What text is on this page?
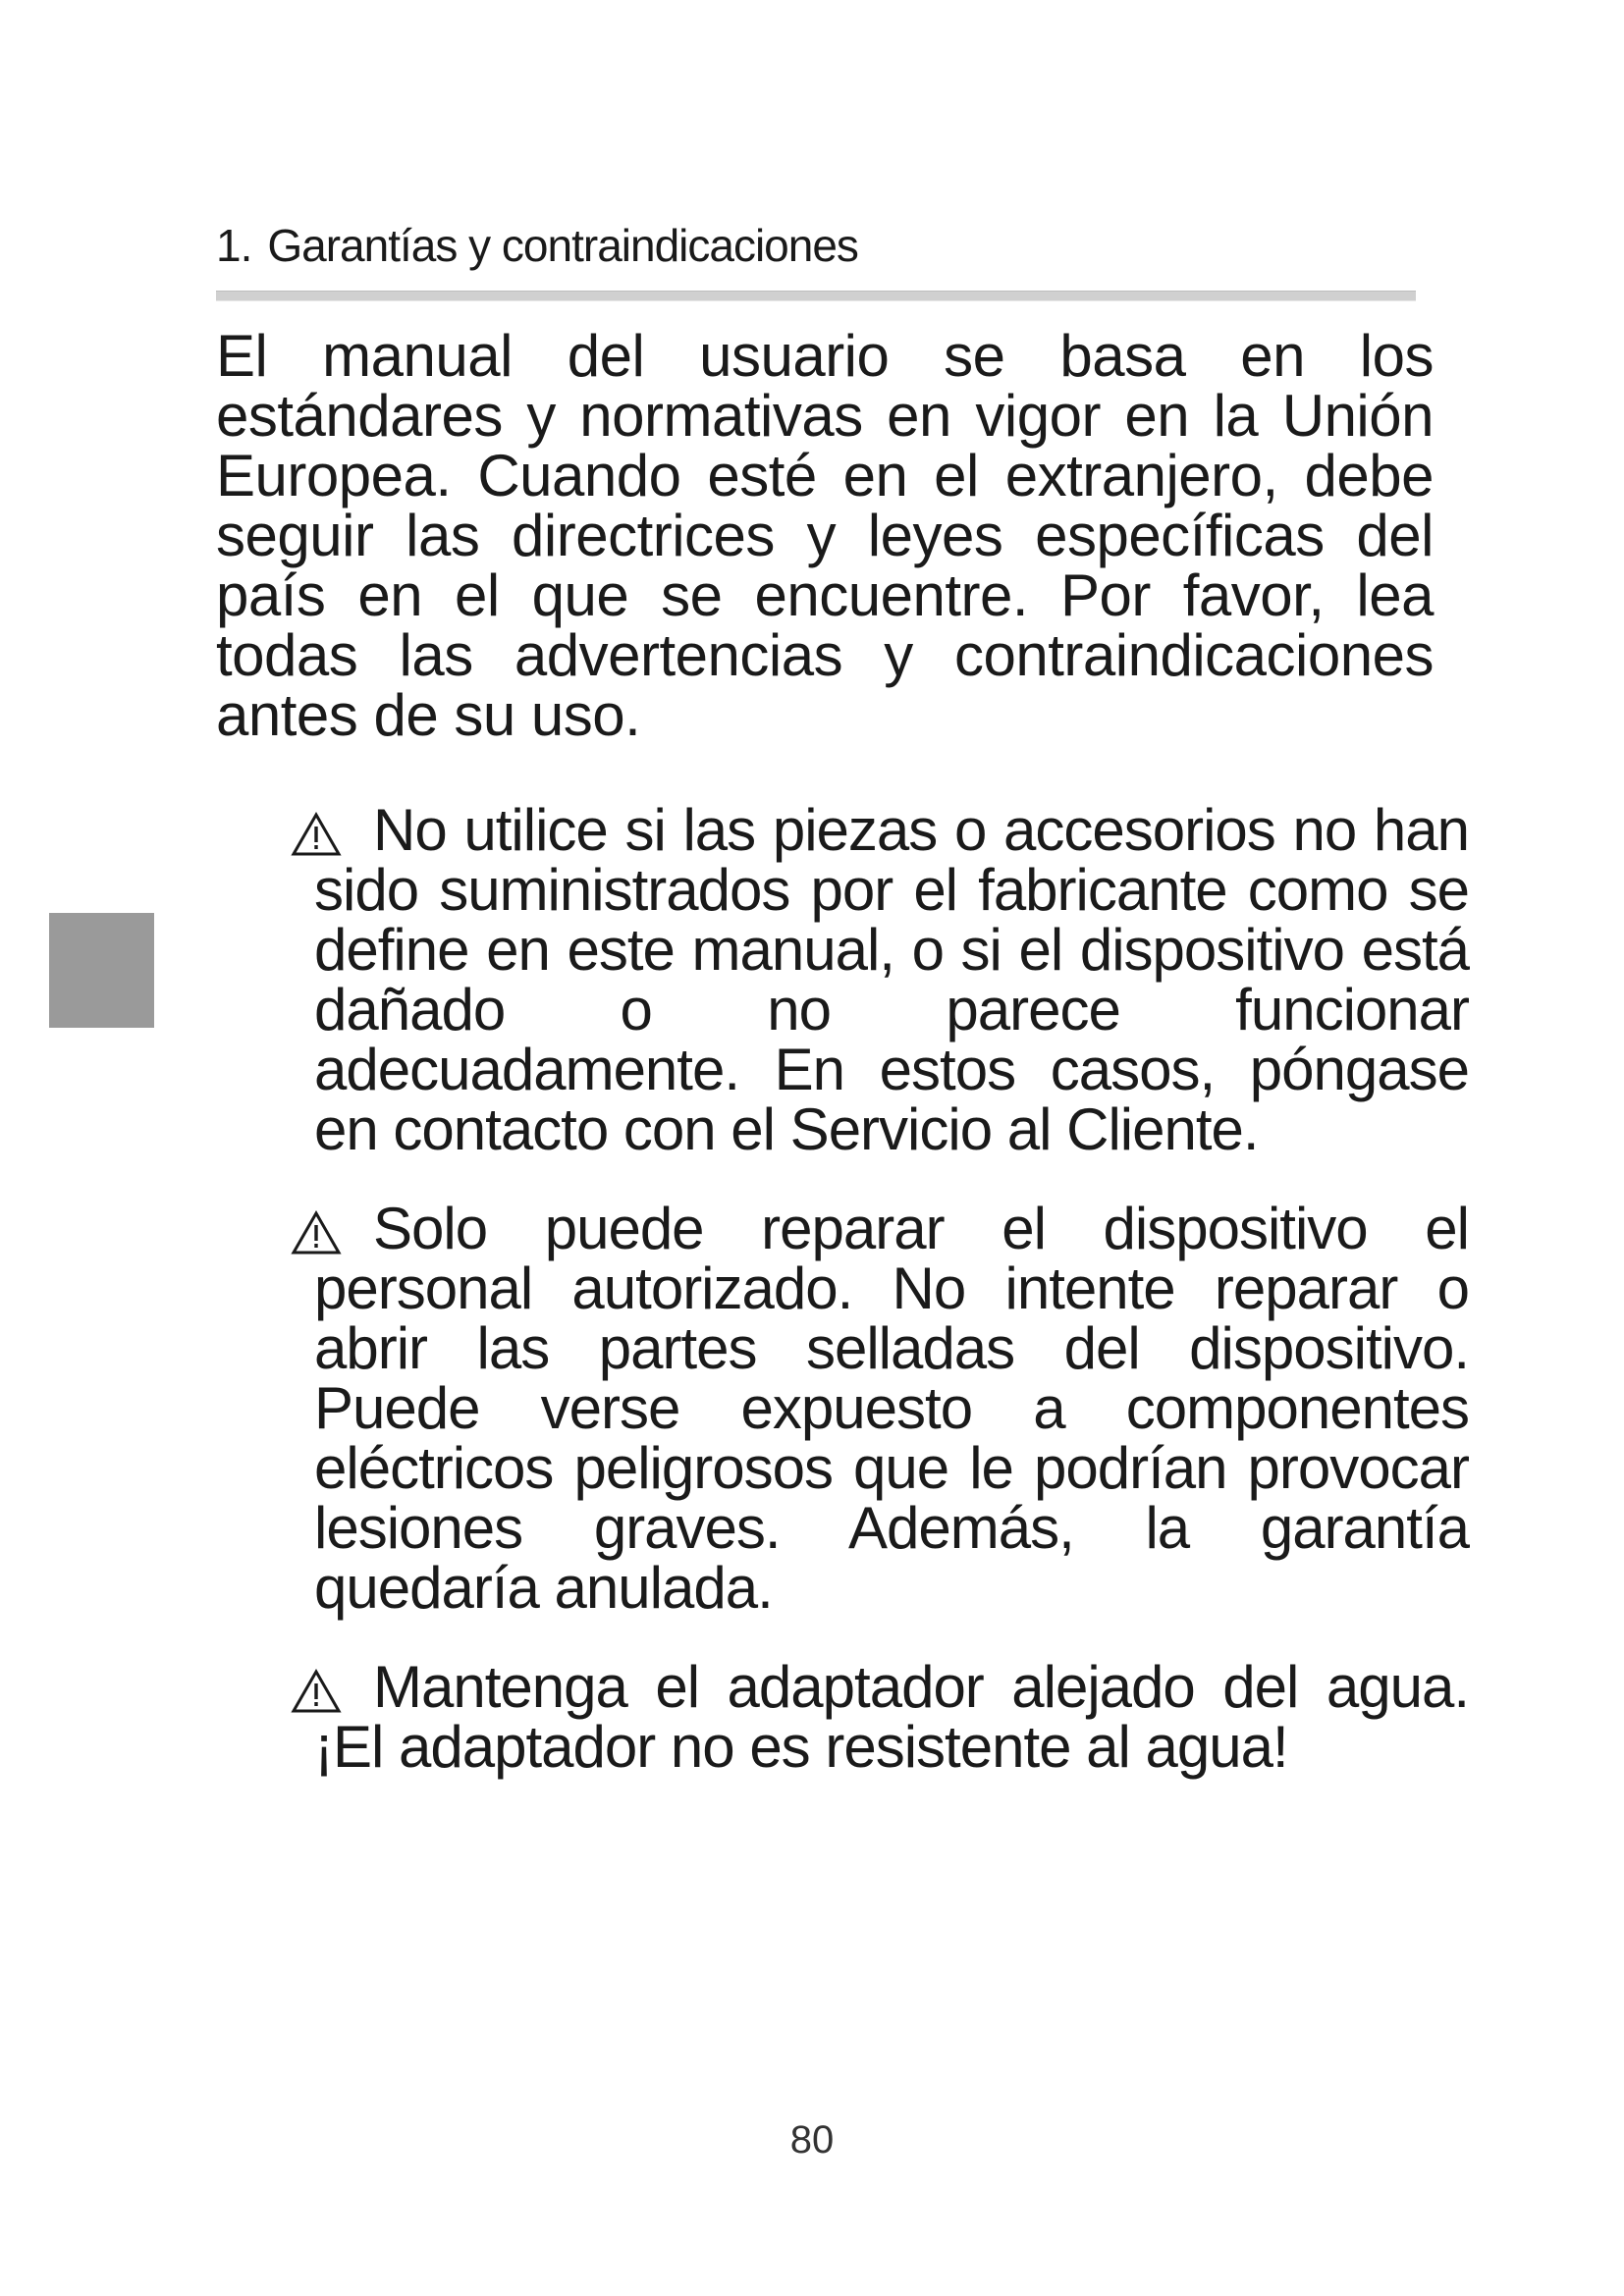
1. Garantías y contraindicaciones

El manual del usuario se basa en los estándares y normativas en vigor en la Unión Europea. Cuando esté en el extranjero, debe seguir las directrices y leyes específicas del país en el que se encuentre. Por favor, lea todas las advertencias y contraindicaciones antes de su uso.

No utilice si las piezas o accesorios no han sido suministrados por el fabricante como se define en este manual, o si el dispositivo está dañado o no parece funcionar adecuadamente. En estos casos, póngase en contacto con el Servicio al Cliente.
Solo puede reparar el dispositivo el personal autorizado. No intente reparar o abrir las partes selladas del dispositivo. Puede verse expuesto a componentes eléctricos peligrosos que le podrían provocar lesiones graves. Además, la garantía quedaría anulada.
Mantenga el adaptador alejado del agua. ¡El adaptador no es resistente al agua!
80
